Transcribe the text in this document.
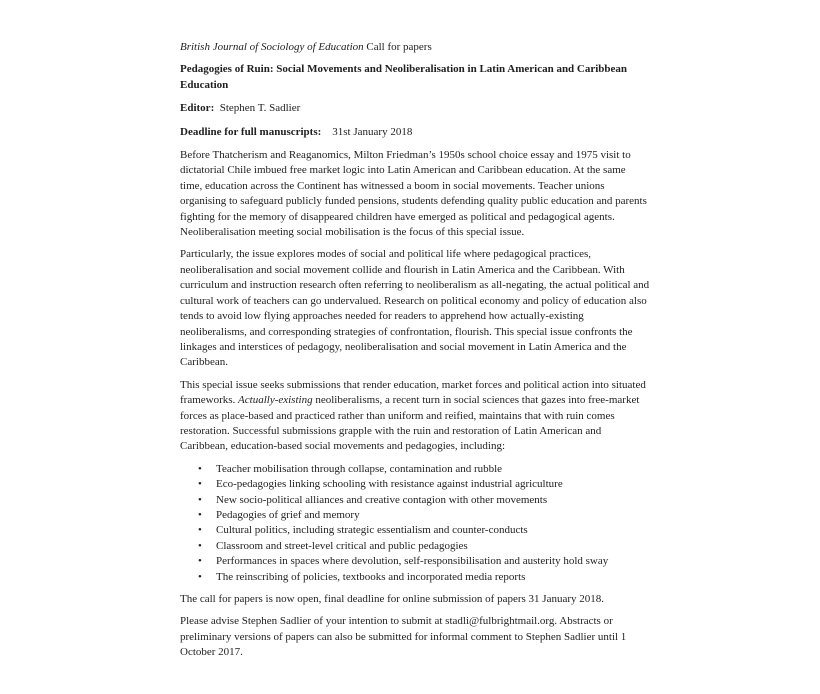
British Journal of Sociology of Education Call for papers

Pedagogies of Ruin: Social Movements and Neoliberalisation in Latin American and Caribbean Education

Editor: Stephen T. Sadlier

Deadline for full manuscripts: 31st January 2018

Before Thatcherism and Reaganomics, Milton Friedman’s 1950s school choice essay and 1975 visit to dictatorial Chile imbued free market logic into Latin American and Caribbean education. At the same time, education across the Continent has witnessed a boom in social movements. Teacher unions organising to safeguard publicly funded pensions, students defending quality public education and parents fighting for the memory of disappeared children have emerged as political and pedagogical agents. Neoliberalisation meeting social mobilisation is the focus of this special issue.

Particularly, the issue explores modes of social and political life where pedagogical practices, neoliberalisation and social movement collide and flourish in Latin America and the Caribbean. With curriculum and instruction research often referring to neoliberalism as all-negating, the actual political and cultural work of teachers can go undervalued. Research on political economy and policy of education also tends to avoid low flying approaches needed for readers to apprehend how actually-existing neoliberalisms, and corresponding strategies of confrontation, flourish. This special issue confronts the linkages and interstices of pedagogy, neoliberalisation and social movement in Latin America and the Caribbean.

This special issue seeks submissions that render education, market forces and political action into situated frameworks. Actually-existing neoliberalisms, a recent turn in social sciences that gazes into free-market forces as place-based and practiced rather than uniform and reified, maintains that with ruin comes restoration. Successful submissions grapple with the ruin and restoration of Latin American and Caribbean, education-based social movements and pedagogies, including:

• Teacher mobilisation through collapse, contamination and rubble
• Eco-pedagogies linking schooling with resistance against industrial agriculture
• New socio-political alliances and creative contagion with other movements
• Pedagogies of grief and memory
• Cultural politics, including strategic essentialism and counter-conducts
• Classroom and street-level critical and public pedagogies
• Performances in spaces where devolution, self-responsibilisation and austerity hold sway
• The reinscribing of policies, textbooks and incorporated media reports

The call for papers is now open, final deadline for online submission of papers 31 January 2018.

Please advise Stephen Sadlier of your intention to submit at stadli@fulbrightmail.org. Abstracts or preliminary versions of papers can also be submitted for informal comment to Stephen Sadlier until 1 October 2017.
